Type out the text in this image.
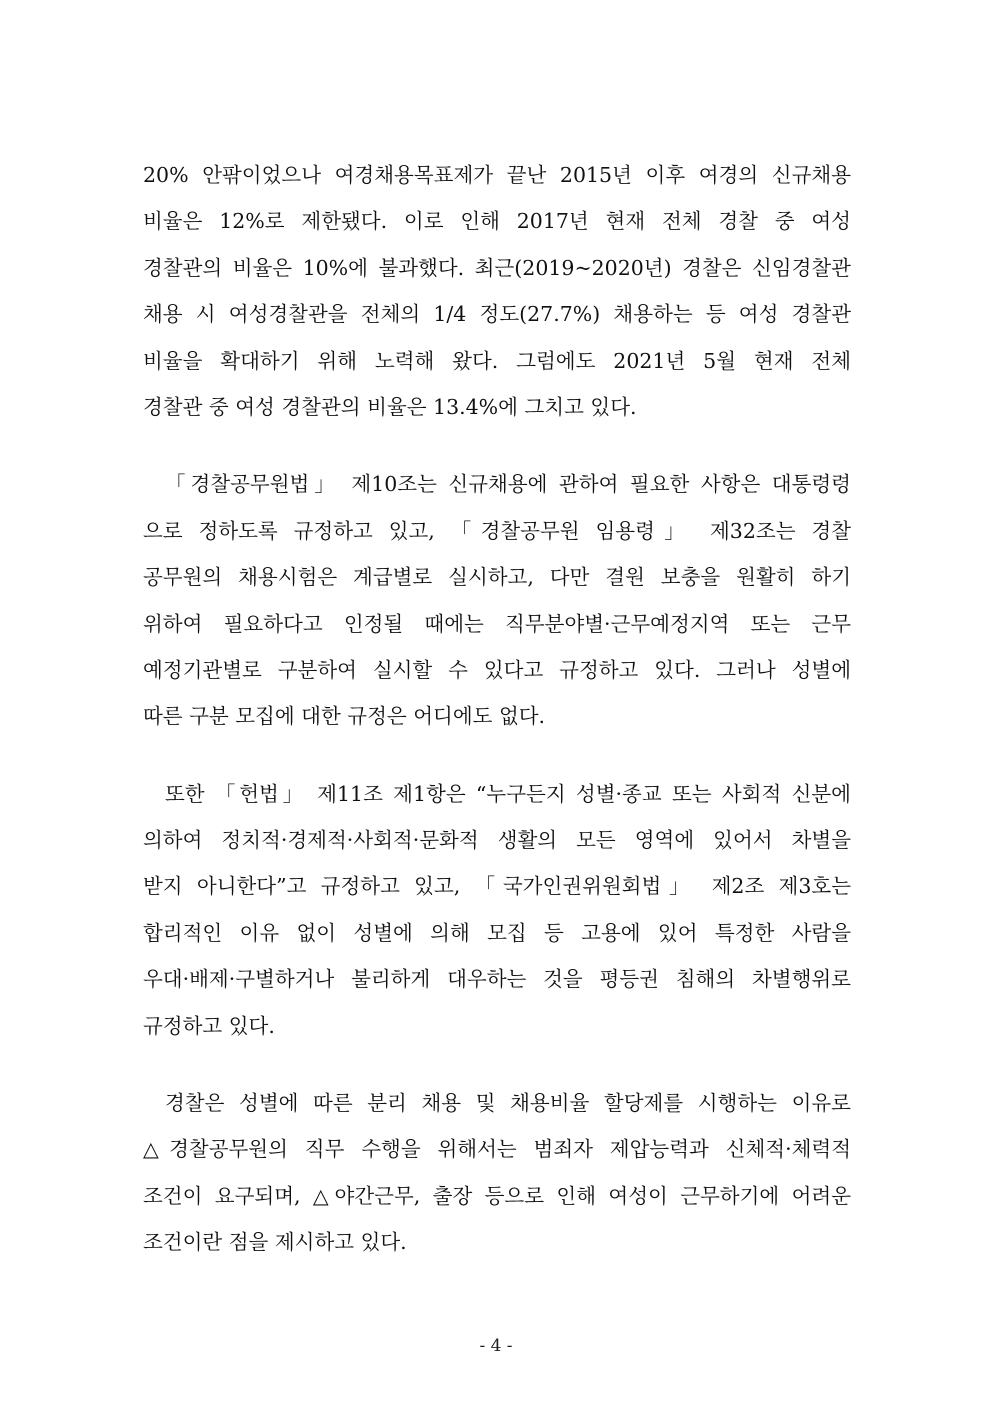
20% 안팎이었으나 여경채용목표제가 끝난 2015년 이후 여경의 신규채용
비율은 12%로 제한됐다. 이로 인해 2017년 현재 전체 경찰 중 여성
경찰관의 비율은 10%에 불과했다. 최근(2019~2020년) 경찰은 신임경찰관
채용 시 여성경찰관을 전체의 1/4 정도(27.7%) 채용하는 등 여성 경찰관
비율을 확대하기 위해 노력해 왔다. 그럼에도 2021년 5월 현재 전체
경찰관 중 여성 경찰관의 비율은 13.4%에 그치고 있다.
「경찰공무원법」 제10조는 신규채용에 관하여 필요한 사항은 대통령령
으로 정하도록 규정하고 있고, 「경찰공무원 임용령」 제32조는 경찰
공무원의 채용시험은 계급별로 실시하고, 다만 결원 보충을 원활히 하기
위하여 필요하다고 인정될 때에는 직무분야별·근무예정지역 또는 근무
예정기관별로 구분하여 실시할 수 있다고 규정하고 있다. 그러나 성별에
따른 구분 모집에 대한 규정은 어디에도 없다.
또한 「헌법」 제11조 제1항은 “누구든지 성별·종교 또는 사회적 신분에
의하여 정치적·경제적·사회적·문화적 생활의 모든 영역에 있어서 차별을
받지 아니한다”고 규정하고 있고, 「국가인권위원회법」 제2조 제3호는
합리적인 이유 없이 성별에 의해 모집 등 고용에 있어 특정한 사람을
우대·배제·구별하거나 불리하게 대우하는 것을 평등권 침해의 차별행위로
규정하고 있다.
경찰은 성별에 따른 분리 채용 및 채용비율 할당제를 시행하는 이유로
△경찰공무원의 직무 수행을 위해서는 범죄자 제압능력과 신체적·체력적
조건이 요구되며, △야간근무, 출장 등으로 인해 여성이 근무하기에 어려운
조건이란 점을 제시하고 있다.
- 4 -
